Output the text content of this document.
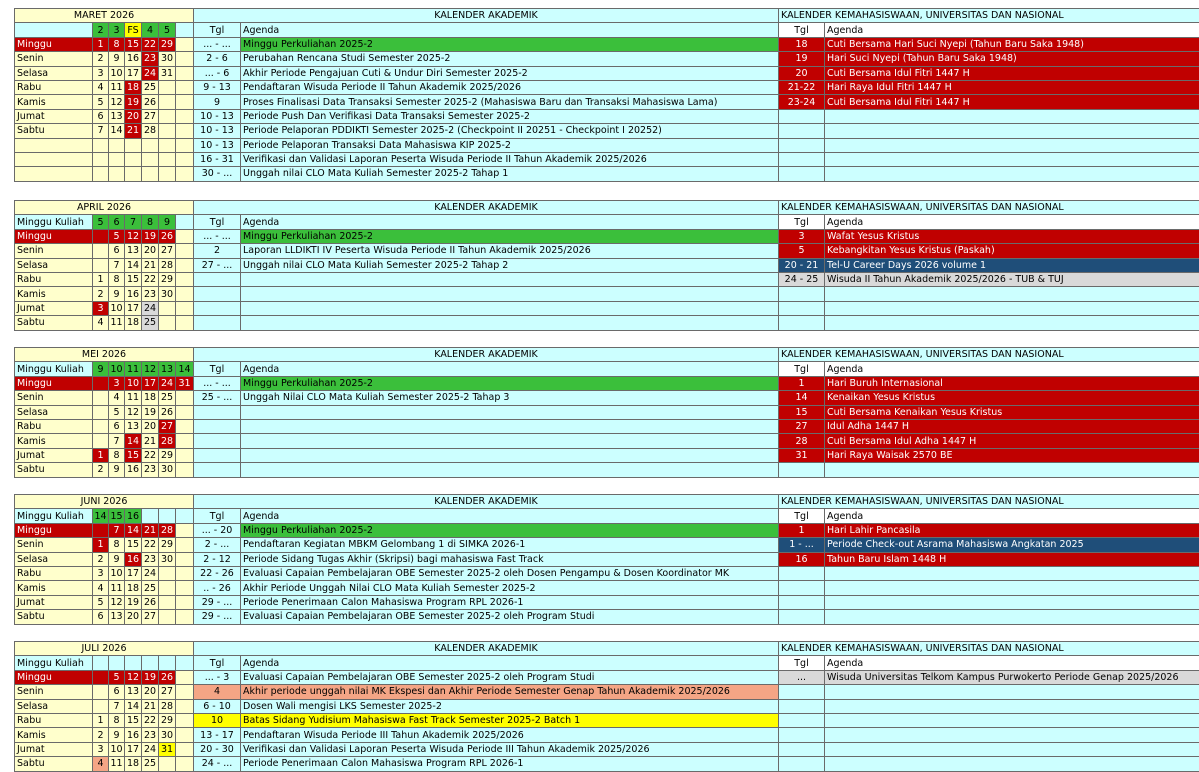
MARET 2026						
	2	3	FS	4	5	
Minggu	1	8	15	22	29	
Senin	2	9	16	23	30	
Selasa	3	10	17	24	31	
Rabu	4	11	18	25		
Kamis	5	12	19	26		
Jumat	6	13	20	27		
Sabtu	7	14	21	28		

KALENDER AKADEMIK	
Tgl	Agenda
... - ...	Minggu Perkuliahan 2025-2
2 - 6	Perubahan Rencana Studi Semester 2025-2
... - 6	Akhir Periode Pengajuan Cuti & Undur Diri Semester 2025-2
9 - 13	Pendaftaran Wisuda Periode II Tahun Akademik 2025/2026
9	Proses Finalisasi Data Transaksi Semester 2025-2 (Mahasiswa Baru dan Transaksi Mahasiswa Lama)
10 - 13	Periode Push Dan Verifikasi Data Transaksi Semester 2025-2
10 - 13	Periode Pelaporan PDDIKTI Semester 2025-2 (Checkpoint II 20251 - Checkpoint I 20252)
10 - 13	Periode Pelaporan Transaksi Data Mahasiswa KIP 2025-2
16 - 31	Verifikasi dan Validasi Laporan Peserta Wisuda Periode II Tahun Akademik 2025/2026
30 - ...	Unggah nilai CLO Mata Kuliah Semester 2025-2 Tahap 1
KALENDER KEMAHASISWAAN, UNIVERSITAS DAN NASIONAL	
Tgl	Agenda
18	Cuti Bersama Hari Suci Nyepi (Tahun Baru Saka 1948)
19	Hari Suci Nyepi (Tahun Baru Saka 1948)
20	Cuti Bersama Idul Fitri 1447 H
21-22	Hari Raya Idul Fitri 1447 H
23-24	Cuti Bersama Idul Fitri 1447 H

APRIL 2026						
Minggu Kuliah	5	6	7	8	9	
Minggu		5	12	19	26	
Senin		6	13	20	27	
Selasa		7	14	21	28	
Rabu	1	8	15	22	29	
Kamis	2	9	16	23	30	
Jumat	3	10	17	24		
Sabtu	4	11	18	25		
KALENDER AKADEMIK	
Tgl	Agenda
... - ...	Minggu Perkuliahan 2025-2
2	Laporan LLDIKTI IV Peserta Wisuda Periode II Tahun Akademik 2025/2026
27 - ...	Unggah nilai CLO Mata Kuliah Semester 2025-2 Tahap 2

KALENDER KEMAHASISWAAN, UNIVERSITAS DAN NASIONAL	
Tgl	Agenda
3	Wafat Yesus Kristus
5	Kebangkitan Yesus Kristus (Paskah)
20 - 21	Tel-U Career Days 2026 volume 1
24 - 25	Wisuda II Tahun Akademik 2025/2026 - TUB & TUJ

MEI 2026						
Minggu Kuliah	9	10	11	12	13	14
Minggu		3	10	17	24	31
Senin		4	11	18	25	
Selasa		5	12	19	26	
Rabu		6	13	20	27	
Kamis		7	14	21	28	
Jumat	1	8	15	22	29	
Sabtu	2	9	16	23	30	
KALENDER AKADEMIK	
Tgl	Agenda
... - ...	Minggu Perkuliahan 2025-2
25 - ...	Unggah Nilai CLO Mata Kuliah Semester 2025-2 Tahap 3

KALENDER KEMAHASISWAAN, UNIVERSITAS DAN NASIONAL	
Tgl	Agenda
1	Hari Buruh Internasional
14	Kenaikan Yesus Kristus
15	Cuti Bersama Kenaikan Yesus Kristus
27	Idul Adha 1447 H
28	Cuti Bersama Idul Adha 1447 H
31	Hari Raya Waisak 2570 BE

JUNI 2026						
Minggu Kuliah	14	15	16			
Minggu		7	14	21	28	
Senin	1	8	15	22	29	
Selasa	2	9	16	23	30	
Rabu	3	10	17	24		
Kamis	4	11	18	25		
Jumat	5	12	19	26		
Sabtu	6	13	20	27		
KALENDER AKADEMIK	
Tgl	Agenda
... - 20	Minggu Perkuliahan 2025-2
2 - ...	Pendaftaran Kegiatan MBKM Gelombang 1 di SIMKA 2026-1
2 - 12	Periode Sidang Tugas Akhir (Skripsi) bagi mahasiswa Fast Track
22 - 26	Evaluasi Capaian Pembelajaran OBE Semester 2025-2 oleh Dosen Pengampu & Dosen Koordinator MK
.. - 26	Akhir Periode Unggah Nilai CLO Mata Kuliah Semester 2025-2
29 - ...	Periode Penerimaan Calon Mahasiswa Program RPL 2026-1
29 - ...	Evaluasi Capaian Pembelajaran OBE Semester 2025-2 oleh Program Studi
KALENDER KEMAHASISWAAN, UNIVERSITAS DAN NASIONAL	
Tgl	Agenda
1	Hari Lahir Pancasila
1 - ...	Periode Check-out Asrama Mahasiswa Angkatan 2025
16	Tahun Baru Islam 1448 H

JULI 2026						
Minggu Kuliah						
Minggu		5	12	19	26	
Senin		6	13	20	27	
Selasa		7	14	21	28	
Rabu	1	8	15	22	29	
Kamis	2	9	16	23	30	
Jumat	3	10	17	24	31	
Sabtu	4	11	18	25		
KALENDER AKADEMIK	
Tgl	Agenda
... - 3	Evaluasi Capaian Pembelajaran OBE Semester 2025-2 oleh Program Studi
4	Akhir periode unggah nilai MK Ekspesi dan Akhir Periode Semester Genap Tahun Akademik 2025/2026
6 - 10	Dosen Wali mengisi LKS Semester 2025-2
10	Batas Sidang Yudisium Mahasiswa Fast Track Semester 2025-2 Batch 1
13 - 17	Pendaftaran Wisuda Periode III Tahun Akademik 2025/2026
20 - 30	Verifikasi dan Validasi Laporan Peserta Wisuda Periode III Tahun Akademik 2025/2026
24 - ...	Periode Penerimaan Calon Mahasiswa Program RPL 2026-1
KALENDER KEMAHASISWAAN, UNIVERSITAS DAN NASIONAL	
Tgl	Agenda
...	Wisuda Universitas Telkom Kampus Purwokerto Periode Genap 2025/2026
